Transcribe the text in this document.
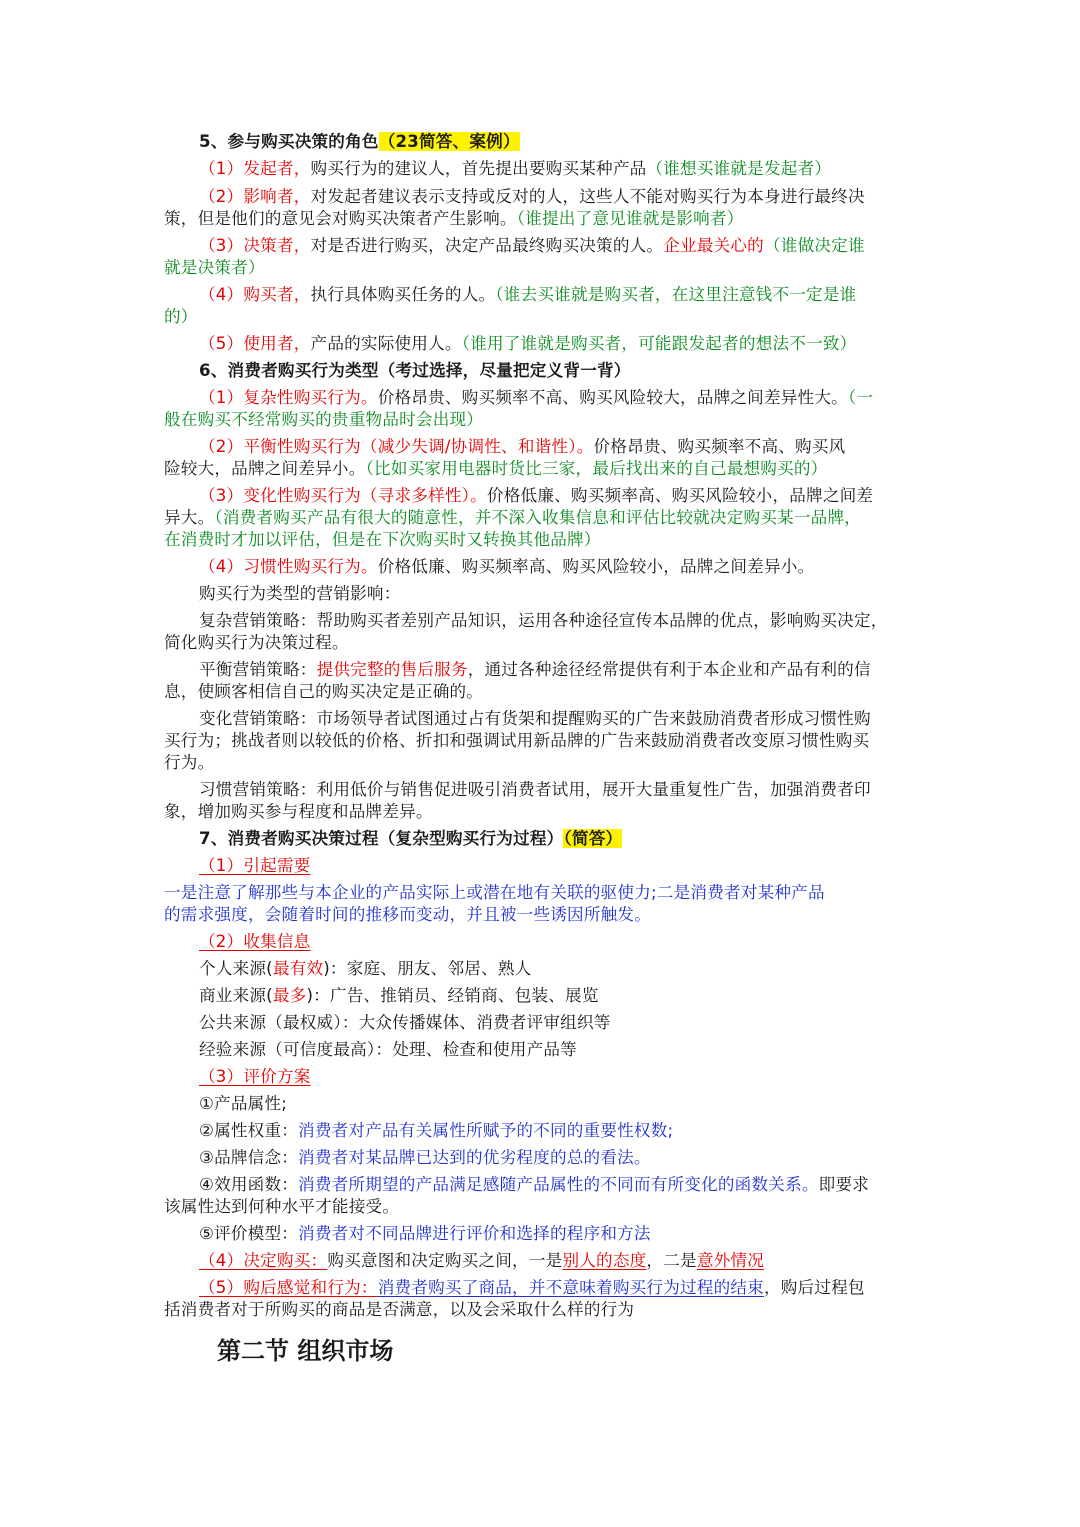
5、参与购买决策的角色（23简答、案例）
（1）发起者，购买行为的建议人，首先提出要购买某种产品（谁想买谁就是发起者）
（2）影响者，对发起者建议表示支持或反对的人，这些人不能对购买行为本身进行最终决
策，但是他们的意见会对购买决策者产生影响。（谁提出了意见谁就是影响者）
（3）决策者，对是否进行购买，决定产品最终购买决策的人。企业最关心的（谁做决定谁
就是决策者）
（4）购买者，执行具体购买任务的人。（谁去买谁就是购买者，在这里注意钱不一定是谁
的）
（5）使用者，产品的实际使用人。（谁用了谁就是购买者，可能跟发起者的想法不一致）
6、消费者购买行为类型（考过选择，尽量把定义背一背）
（1）复杂性购买行为。价格昂贵、购买频率不高、购买风险较大，品牌之间差异性大。（一
般在购买不经常购买的贵重物品时会出现）
（2）平衡性购买行为（减少失调/协调性、和谐性）。价格昂贵、购买频率不高、购买风
险较大，品牌之间差异小。（比如买家用电器时货比三家，最后找出来的自己最想购买的）
（3）变化性购买行为（寻求多样性）。价格低廉、购买频率高、购买风险较小，品牌之间差
异大。（消费者购买产品有很大的随意性，并不深入收集信息和评估比较就决定购买某一品牌，
在消费时才加以评估，但是在下次购买时又转换其他品牌）
（4）习惯性购买行为。价格低廉、购买频率高、购买风险较小，品牌之间差异小。
购买行为类型的营销影响：
复杂营销策略：帮助购买者差别产品知识，运用各种途径宣传本品牌的优点，影响购买决定，
简化购买行为决策过程。
平衡营销策略：提供完整的售后服务，通过各种途径经常提供有利于本企业和产品有利的信
息，使顾客相信自己的购买决定是正确的。
变化营销策略：市场领导者试图通过占有货架和提醒购买的广告来鼓励消费者形成习惯性购
买行为；挑战者则以较低的价格、折扣和强调试用新品牌的广告来鼓励消费者改变原习惯性购买
行为。
习惯营销策略：利用低价与销售促进吸引消费者试用，展开大量重复性广告，加强消费者印
象，增加购买参与程度和品牌差异。
7、消费者购买决策过程（复杂型购买行为过程）（简答）
（1）引起需要
一是注意了解那些与本企业的产品实际上或潜在地有关联的驱使力;二是消费者对某种产品
的需求强度，会随着时间的推移而变动，并且被一些诱因所触发。
（2）收集信息
个人来源(最有效)：家庭、朋友、邻居、熟人
商业来源(最多)：广告、推销员、经销商、包装、展览
公共来源（最权威）：大众传播媒体、消费者评审组织等
经验来源（可信度最高）：处理、检查和使用产品等
（3）评价方案
①产品属性;
②属性权重：消费者对产品有关属性所赋予的不同的重要性权数;
③品牌信念：消费者对某品牌已达到的优劣程度的总的看法。
④效用函数：消费者所期望的产品满足感随产品属性的不同而有所变化的函数关系。即要求
该属性达到何种水平才能接受。
⑤评价模型：消费者对不同品牌进行评价和选择的程序和方法
（4）决定购买：购买意图和决定购买之间，一是别人的态度，二是意外情况
（5）购后感觉和行为：消费者购买了商品，并不意味着购买行为过程的结束，购后过程包
括消费者对于所购买的商品是否满意，以及会采取什么样的行为
第二节 组织市场
